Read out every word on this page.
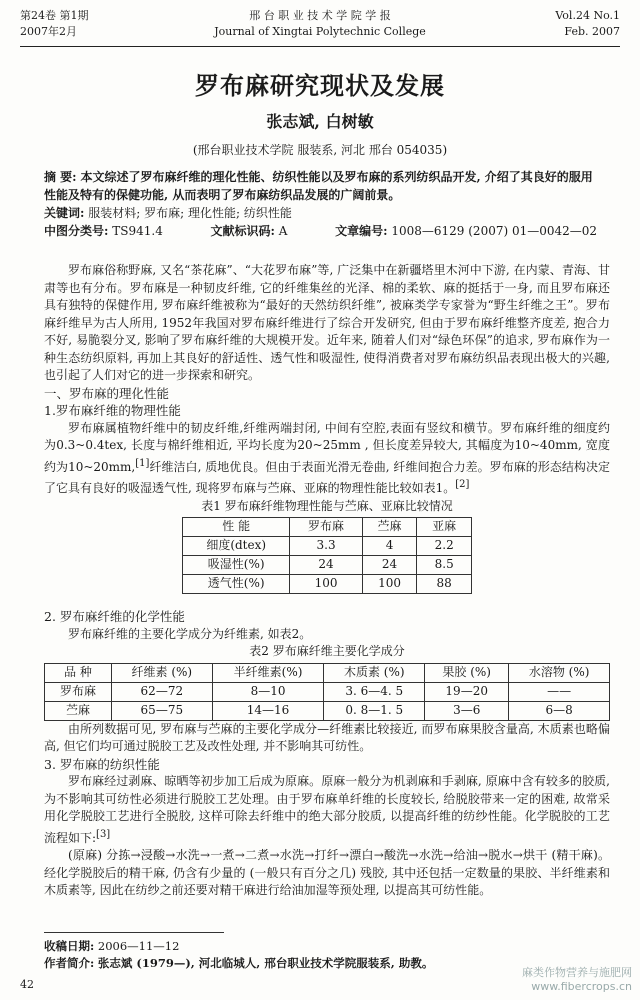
第24卷 第1期
2007年2月
邢 台 职 业 技 术 学 院 学 报
Journal of Xingtai Polytechnic College
Vol.24 No.1
Feb. 2007
罗布麻研究现状及发展
张志斌, 白树敏
(邢台职业技术学院 服装系, 河北 邢台 054035)
摘 要: 本文综述了罗布麻纤维的理化性能、纺织性能以及罗布麻的系列纺织品开发, 介绍了其良好的服用性能及特有的保健功能, 从而表明了罗布麻纺织品发展的广阔前景。
关键词: 服装材料; 罗布麻; 理化性能; 纺织性能
中图分类号: TS941.4	文献标识码: A	文章编号: 1008—6129 (2007) 01—0042—02

罗布麻俗称野麻, 又名“茶花麻”、“大花罗布麻”等, 广泛集中在新疆塔里木河中下游, 在内蒙、青海、甘肃等也有分布。罗布麻是一种韧皮纤维, 它的纤维集丝的光泽、棉的柔软、麻的挺括于一身, 而且罗布麻还具有独特的保健作用, 罗布麻纤维被称为“最好的天然纺织纤维”, 被麻类学专家誉为“野生纤维之王”。罗布麻纤维早为古人所用, 1952年我国对罗布麻纤维进行了综合开发研究, 但由于罗布麻纤维整齐度差, 抱合力不好, 易脆裂分叉, 影响了罗布麻纤维的大规模开发。近年来, 随着人们对“绿色环保”的追求, 罗布麻作为一种生态纺织原料, 再加上其良好的舒适性、透气性和吸湿性, 使得消费者对罗布麻纺织品表现出极大的兴趣, 也引起了人们对它的进一步探索和研究。

一、罗布麻的理化性能

1.罗布麻纤维的物理性能

罗布麻属植物纤维中的韧皮纤维,纤维两端封闭, 中间有空腔,表面有竖纹和横节。罗布麻纤维的细度约为0.3~0.4tex, 长度与棉纤维相近, 平均长度为20~25mm , 但长度差异较大, 其幅度为10~40mm, 宽度约为10~20mm,[1]纤维洁白, 质地优良。但由于表面光滑无卷曲, 纤维间抱合力差。罗布麻的形态结构决定了它具有良好的吸湿透气性, 现将罗布麻与苎麻、亚麻的物理性能比较如表1。[2]

表1 罗布麻纤维物理性能与苎麻、亚麻比较情况

性 能	罗布麻	苎麻	亚麻
细度(dtex)	3.3	4	2.2
吸湿性(%)	24	24	8.5
透气性(%)	100	100	88

2. 罗布麻纤维的化学性能

罗布麻纤维的主要化学成分为纤维素, 如表2。

表2 罗布麻纤维主要化学成分

品 种	纤维素 (%)	半纤维素(%)	木质素 (%)	果胶 (%)	水溶物 (%)
罗布麻	62—72	8—10	3. 6—4. 5	19—20	——
苎麻	65—75	14—16	0. 8—1. 5	3—6	6—8

由所列数据可见, 罗布麻与苎麻的主要化学成分—纤维素比较接近, 而罗布麻果胶含量高, 木质素也略偏高, 但它们均可通过脱胶工艺及改性处理, 并不影响其可纺性。

3. 罗布麻的纺织性能

罗布麻经过剥麻、晾晒等初步加工后成为原麻。原麻一般分为机剥麻和手剥麻, 原麻中含有较多的胶质, 为不影响其可纺性必须进行脱胶工艺处理。由于罗布麻单纤维的长度较长, 给脱胶带来一定的困难, 故常采用化学脱胶工艺进行全脱胶, 这样可除去纤维中的绝大部分胶质, 以提高纤维的纺纱性能。化学脱胶的工艺流程如下:[3]

(原麻) 分拣→浸酸→水洗→一煮→二煮→水洗→打纤→漂白→酸洗→水洗→给油→脱水→烘干 (精干麻)。经化学脱胶后的精干麻, 仍含有少量的 (一般只有百分之几) 残胶, 其中还包括一定数量的果胶、半纤维素和木质素等, 因此在纺纱之前还要对精干麻进行给油加湿等预处理, 以提高其可纺性能。

收稿日期: 2006—11—12
作者简介: 张志斌 (1979—), 河北临城人, 邢台职业技术学院服装系, 助教。
42
麻类作物营养与施肥网
www.fibercrops.cn
